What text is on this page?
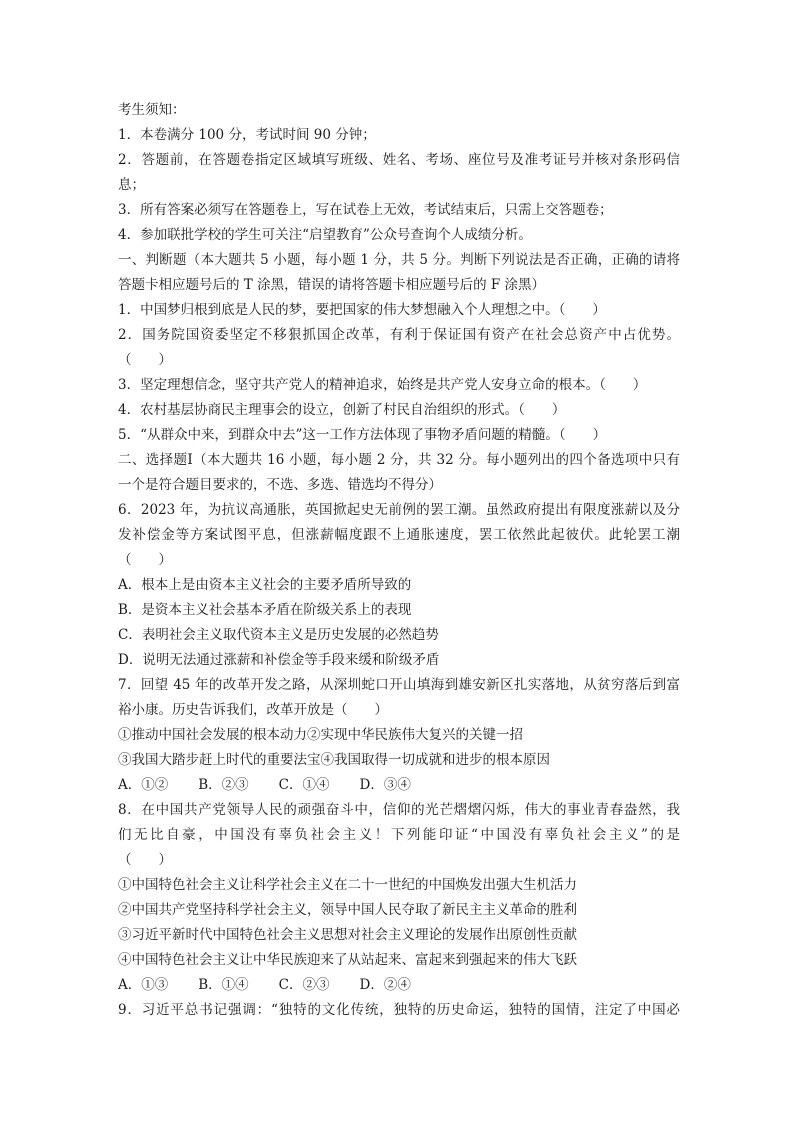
考生须知：
1．本卷满分 100 分，考试时间 90 分钟；
2．答题前，在答题卷指定区域填写班级、姓名、考场、座位号及准考证号并核对条形码信
息；
3．所有答案必须写在答题卷上，写在试卷上无效，考试结束后，只需上交答题卷；
4．参加联批学校的学生可关注“启望教育”公众号查询个人成绩分析。
一、判断题（本大题共 5 小题，每小题 1 分，共 5 分。判断下列说法是否正确，正确的请将
答题卡相应题号后的 T 涂黑，错误的请将答题卡相应题号后的 F 涂黑）
1．中国梦归根到底是人民的梦，要把国家的伟大梦想融入个人理想之中。（　　）
2．国务院国资委坚定不移狠抓国企改革，有利于保证国有资产在社会总资产中占优势。
（　　）
3．坚定理想信念，坚守共产党人的精神追求，始终是共产党人安身立命的根本。（　　）
4．农村基层协商民主理事会的设立，创新了村民自治组织的形式。（　　）
5．“从群众中来，到群众中去”这一工作方法体现了事物矛盾问题的精髓。（　　）
二、选择题Ⅰ（本大题共 16 小题，每小题 2 分，共 32 分。每小题列出的四个备选项中只有
一个是符合题目要求的，不选、多选、错选均不得分）
6．2023 年，为抗议高通胀，英国掀起史无前例的罢工潮。虽然政府提出有限度涨薪以及分
发补偿金等方案试图平息，但涨薪幅度跟不上通胀速度，罢工依然此起彼伏。此轮罢工潮
（　　）
A．根本上是由资本主义社会的主要矛盾所导致的
B．是资本主义社会基本矛盾在阶级关系上的表现
C．表明社会主义取代资本主义是历史发展的必然趋势
D．说明无法通过涨薪和补偿金等手段来缓和阶级矛盾
7．回望 45 年的改革开发之路，从深圳蛇口开山填海到雄安新区扎实落地，从贫穷落后到富
裕小康。历史告诉我们，改革开放是（　　）
①推动中国社会发展的根本动力②实现中华民族伟大复兴的关键一招
③我国大踏步赶上时代的重要法宝④我国取得一切成就和进步的根本原因
A．①② B．②③ C．①④ D．③④
8．在中国共产党领导人民的顽强奋斗中，信仰的光芒熠熠闪烁，伟大的事业青春盎然，我
们无比自豪，中国没有辜负社会主义！下列能印证“中国没有辜负社会主义”的是
（　　）
①中国特色社会主义让科学社会主义在二十一世纪的中国焕发出强大生机活力
②中国共产党坚持科学社会主义，领导中国人民夺取了新民主主义革命的胜利
③习近平新时代中国特色社会主义思想对社会主义理论的发展作出原创性贡献
④中国特色社会主义让中华民族迎来了从站起来、富起来到强起来的伟大飞跃
A．①③ B．①④ C．②③ D．②④
9．习近平总书记强调：“独特的文化传统，独特的历史命运，独特的国情，注定了中国必
